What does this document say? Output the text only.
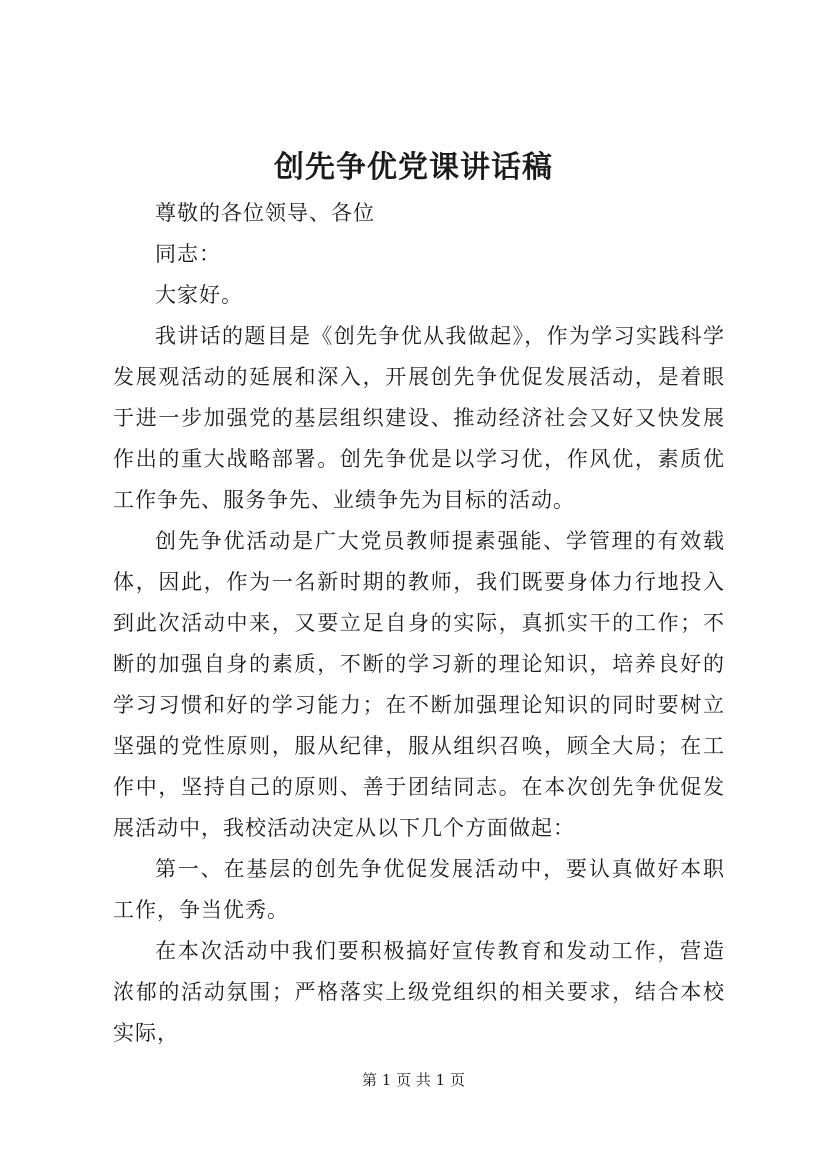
创先争优党课讲话稿

尊敬的各位领导、各位

同志：

大家好。

我讲话的题目是《创先争优从我做起》，作为学习实践科学发展观活动的延展和深入，开展创先争优促发展活动，是着眼于进一步加强党的基层组织建设、推动经济社会又好又快发展作出的重大战略部署。创先争优是以学习优，作风优，素质优工作争先、服务争先、业绩争先为目标的活动。

创先争优活动是广大党员教师提素强能、学管理的有效载体，因此，作为一名新时期的教师，我们既要身体力行地投入到此次活动中来，又要立足自身的实际，真抓实干的工作；不断的加强自身的素质，不断的学习新的理论知识，培养良好的学习习惯和好的学习能力；在不断加强理论知识的同时要树立坚强的党性原则，服从纪律，服从组织召唤，顾全大局；在工作中，坚持自己的原则、善于团结同志。在本次创先争优促发展活动中，我校活动决定从以下几个方面做起：

第一、在基层的创先争优促发展活动中，要认真做好本职工作，争当优秀。

在本次活动中我们要积极搞好宣传教育和发动工作，营造浓郁的活动氛围；严格落实上级党组织的相关要求，结合本校实际，

第 1 页 共 1 页
